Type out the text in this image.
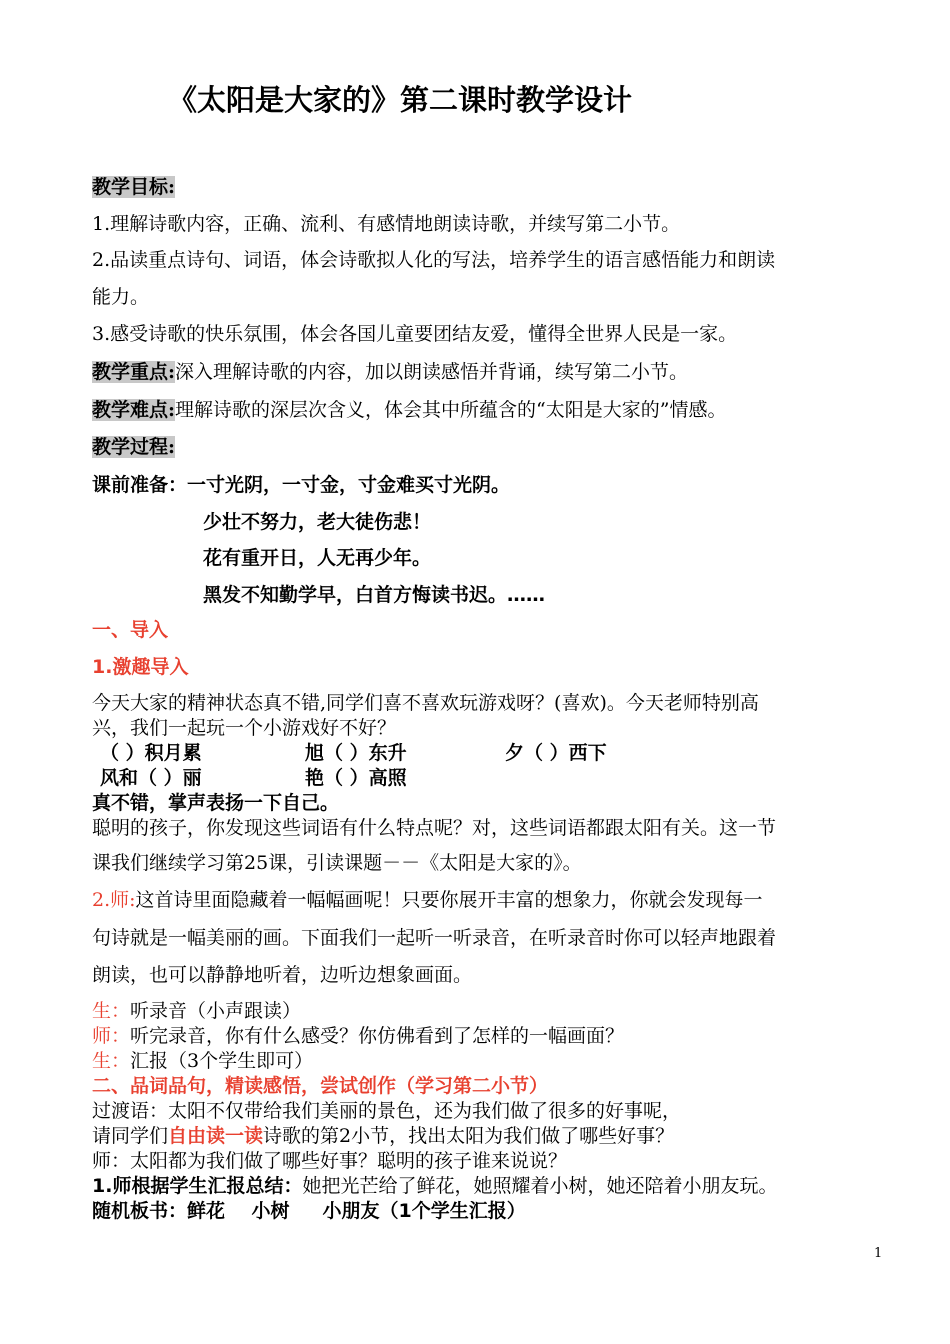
《太阳是大家的》第二课时教学设计
教学目标:
1.理解诗歌内容，正确、流利、有感情地朗读诗歌，并续写第二小节。
2.品读重点诗句、词语，体会诗歌拟人化的写法，培养学生的语言感悟能力和朗读
能力。
3.感受诗歌的快乐氛围，体会各国儿童要团结友爱，懂得全世界人民是一家。
教学重点:深入理解诗歌的内容，加以朗读感悟并背诵，续写第二小节。
教学难点:理解诗歌的深层次含义，体会其中所蕴含的“太阳是大家的”情感。
教学过程:
课前准备：一寸光阴，一寸金，寸金难买寸光阴。
少壮不努力，老大徒伤悲！
花有重开日，人无再少年。
黑发不知勤学早，白首方悔读书迟。……
一、导入
1.激趣导入
今天大家的精神状态真不错,同学们喜不喜欢玩游戏呀？(喜欢)。今天老师特别高
兴，我们一起玩一个小游戏好不好？
（ ）积月累	旭（ ）东升	夕（ ）西下
风和（ ）丽	艳（ ）高照
真不错，掌声表扬一下自己。
聪明的孩子，你发现这些词语有什么特点呢？对，这些词语都跟太阳有关。这一节
课我们继续学习第25课，引读课题－－《太阳是大家的》。
2.师:这首诗里面隐藏着一幅幅画呢！只要你展开丰富的想象力，你就会发现每一
句诗就是一幅美丽的画。下面我们一起听一听录音，在听录音时你可以轻声地跟着
朗读，也可以静静地听着，边听边想象画面。
生：听录音（小声跟读）
师：听完录音，你有什么感受？你仿佛看到了怎样的一幅画面？
生：汇报（3个学生即可）
二、品词品句，精读感悟，尝试创作（学习第二小节）
过渡语：太阳不仅带给我们美丽的景色，还为我们做了很多的好事呢，
请同学们自由读一读诗歌的第2小节，找出太阳为我们做了哪些好事？
师：太阳都为我们做了哪些好事？聪明的孩子谁来说说？
1.师根据学生汇报总结：她把光芒给了鲜花，她照耀着小树，她还陪着小朋友玩。
随机板书：鲜花    小树     小朋友（1个学生汇报）
1
